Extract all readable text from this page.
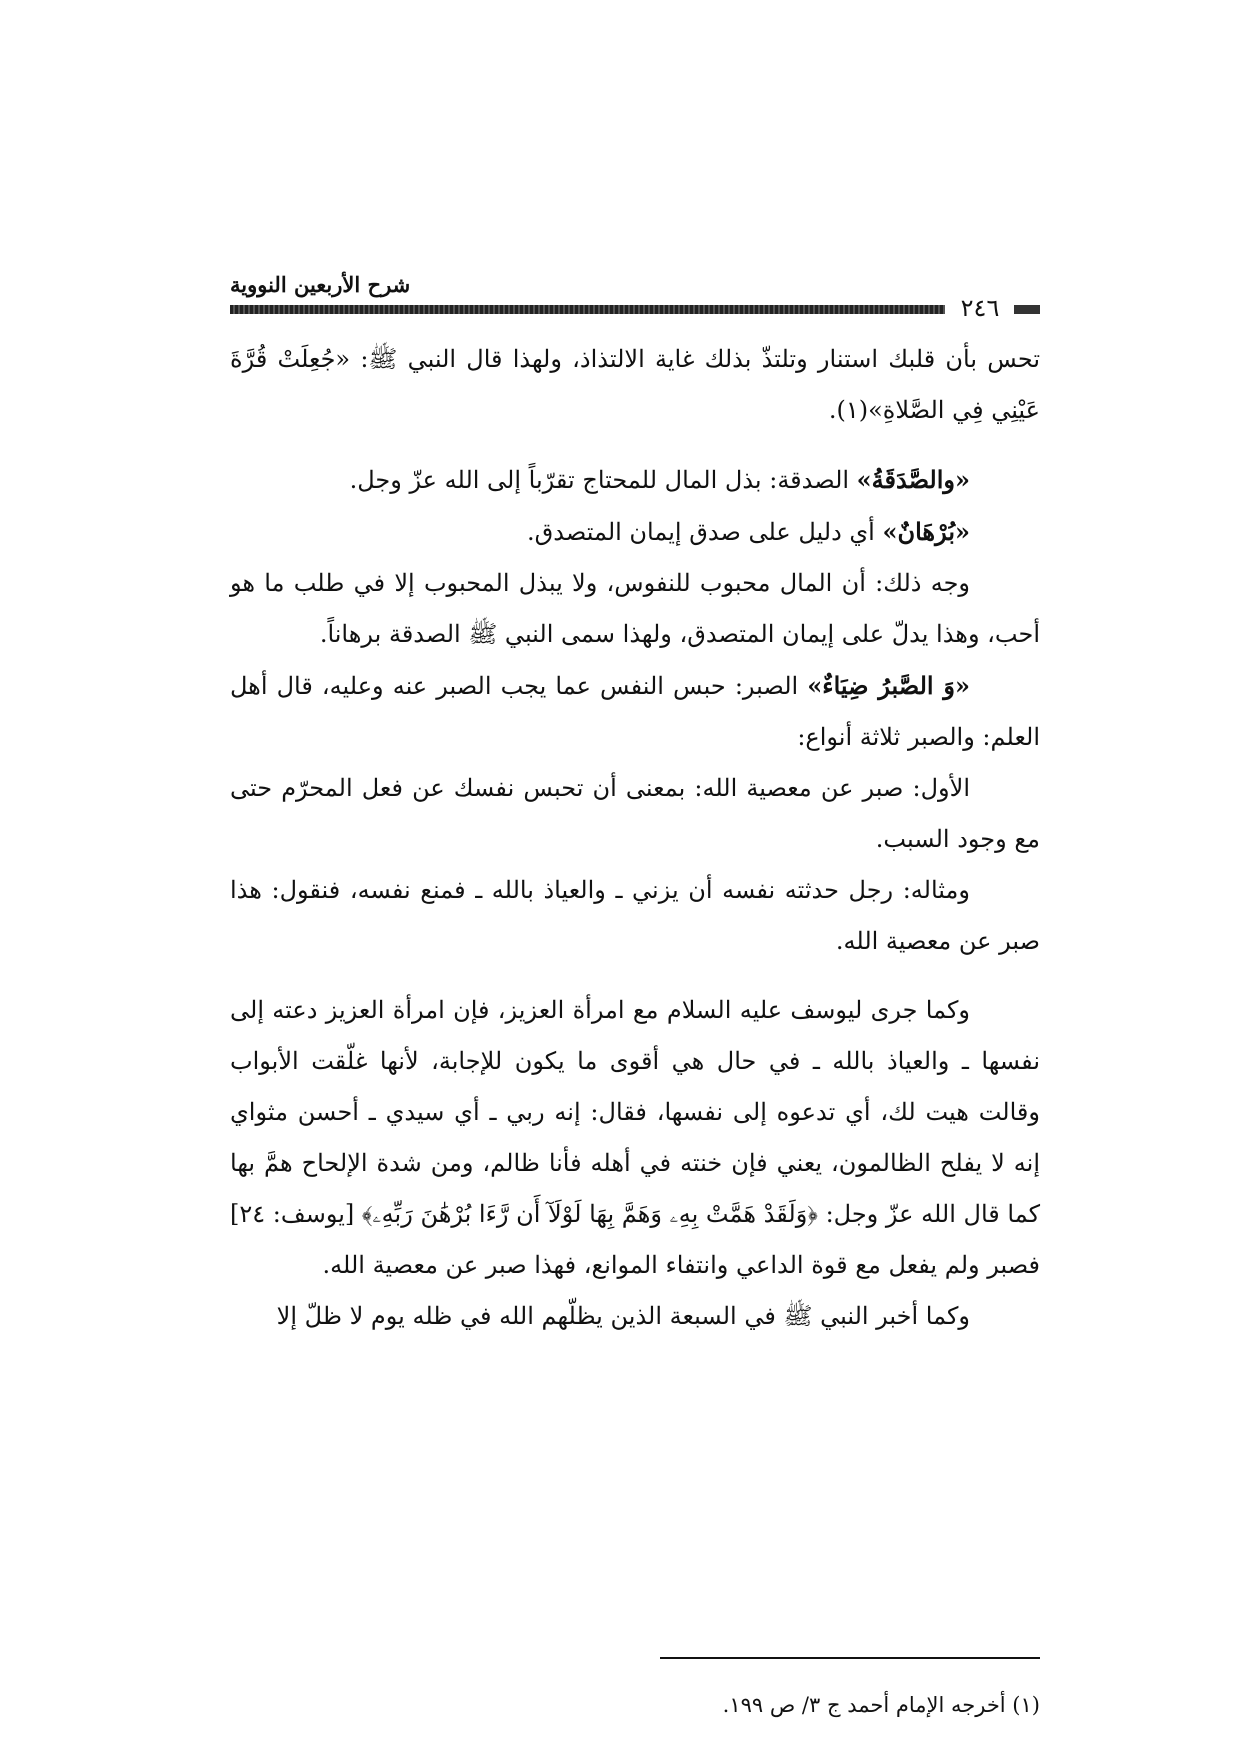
شرح الأربعين النووية
٢٤٦

تحس بأن قلبك استنار وتلتذّ بذلك غاية الالتذاذ، ولهذا قال النبي ﷺ: «جُعِلَتْ قُرَّةَ عَيْنِي فِي الصَّلاةِ»(١).

«والصَّدَقَةُ» الصدقة: بذل المال للمحتاج تقرّباً إلى الله عزّ وجل.

«بُرْهَانٌ» أي دليل على صدق إيمان المتصدق.

وجه ذلك: أن المال محبوب للنفوس، ولا يبذل المحبوب إلا في طلب ما هو أحب، وهذا يدلّ على إيمان المتصدق، ولهذا سمى النبي ﷺ الصدقة برهاناً.

«وَ الصَّبرُ ضِيَاءٌ» الصبر: حبس النفس عما يجب الصبر عنه وعليه، قال أهل العلم: والصبر ثلاثة أنواع:

الأول: صبر عن معصية الله: بمعنى أن تحبس نفسك عن فعل المحرّم حتى مع وجود السبب.

ومثاله: رجل حدثته نفسه أن يزني ـ والعياذ بالله ـ فمنع نفسه، فنقول: هذا صبر عن معصية الله.

وكما جرى ليوسف عليه السلام مع امرأة العزيز، فإن امرأة العزيز دعته إلى نفسها ـ والعياذ بالله ـ في حال هي أقوى ما يكون للإجابة، لأنها غلّقت الأبواب وقالت هيت لك، أي تدعوه إلى نفسها، فقال: إنه ربي ـ أي سيدي ـ أحسن مثواي إنه لا يفلح الظالمون، يعني فإن خنته في أهله فأنا ظالم، ومن شدة الإلحاح همَّ بها كما قال الله عزّ وجل: ﴿وَلَقَدْ هَمَّتْ بِهِۦ وَهَمَّ بِهَا لَوْلَآ أَن رَّءَا بُرْهَٰنَ رَبِّهِۦ﴾ [يوسف: ٢٤] فصبر ولم يفعل مع قوة الداعي وانتفاء الموانع، فهذا صبر عن معصية الله.

وكما أخبر النبي ﷺ في السبعة الذين يظلّهم الله في ظله يوم لا ظلّ إلا

(١) أخرجه الإمام أحمد ج ٣/ ص ١٩٩.
